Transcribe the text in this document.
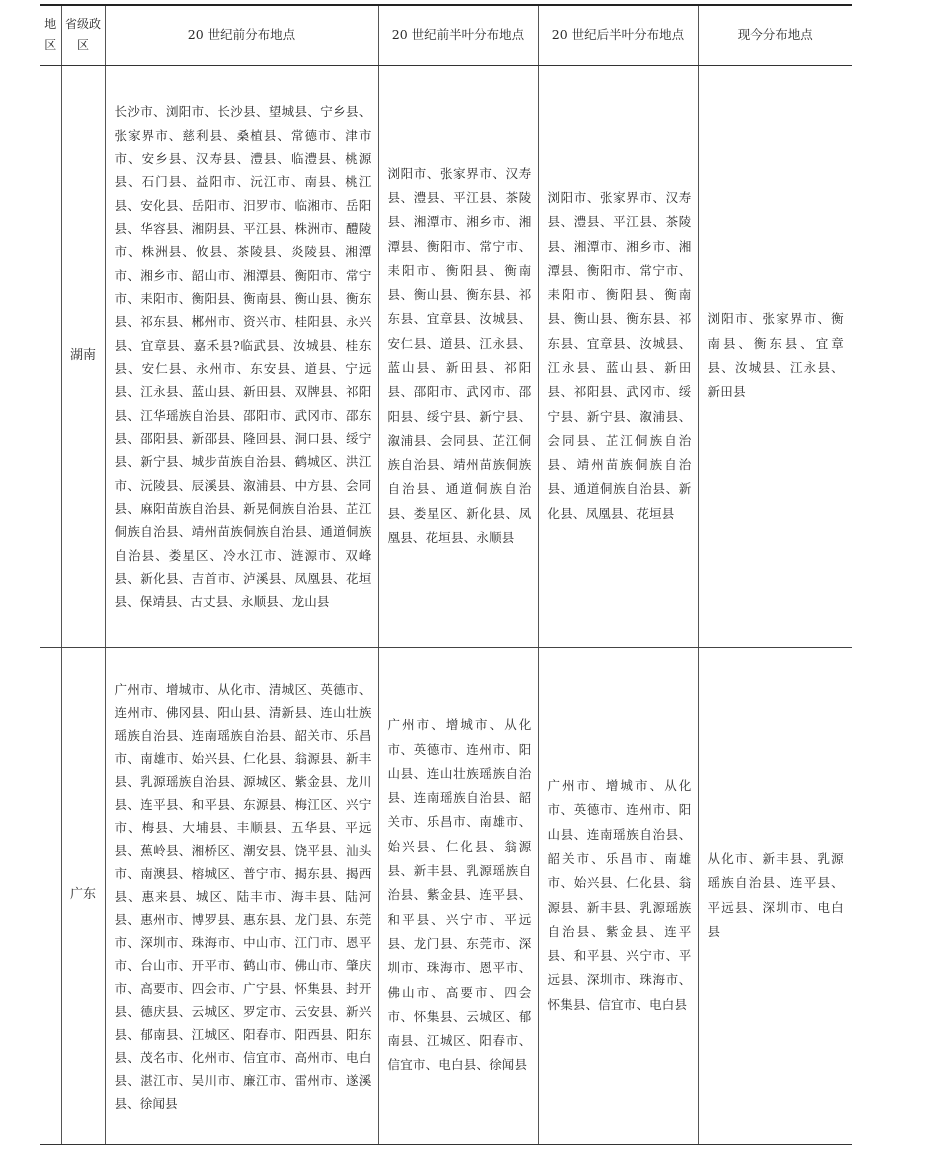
地区	省级政区	20 世纪前分布地点	20 世纪前半叶分布地点	20 世纪后半叶分布地点	现今分布地点
	湖南	长沙市、浏阳市、长沙县、望城县、宁乡县、张家界市、慈利县、桑植县、常德市、津市市、安乡县、汉寿县、澧县、临澧县、桃源县、石门县、益阳市、沅江市、南县、桃江县、安化县、岳阳市、汨罗市、临湘市、岳阳县、华容县、湘阴县、平江县、株洲市、醴陵市、株洲县、攸县、茶陵县、炎陵县、湘潭市、湘乡市、韶山市、湘潭县、衡阳市、常宁市、耒阳市、衡阳县、衡南县、衡山县、衡东县、祁东县、郴州市、资兴市、桂阳县、永兴县、宜章县、嘉禾县?临武县、汝城县、桂东县、安仁县、永州市、东安县、道县、宁远县、江永县、蓝山县、新田县、双牌县、祁阳县、江华瑶族自治县、邵阳市、武冈市、邵东县、邵阳县、新邵县、隆回县、洞口县、绥宁县、新宁县、城步苗族自治县、鹤城区、洪江市、沅陵县、辰溪县、溆浦县、中方县、会同县、麻阳苗族自治县、新晃侗族自治县、芷江侗族自治县、靖州苗族侗族自治县、通道侗族自治县、娄星区、冷水江市、涟源市、双峰县、新化县、吉首市、泸溪县、凤凰县、花垣县、保靖县、古丈县、永顺县、龙山县	浏阳市、张家界市、汉寿县、澧县、平江县、茶陵县、湘潭市、湘乡市、湘潭县、衡阳市、常宁市、耒阳市、衡阳县、衡南县、衡山县、衡东县、祁东县、宜章县、汝城县、安仁县、道县、江永县、蓝山县、新田县、祁阳县、邵阳市、武冈市、邵阳县、绥宁县、新宁县、溆浦县、会同县、芷江侗族自治县、靖州苗族侗族自治县、通道侗族自治县、娄星区、新化县、凤凰县、花垣县、永顺县	浏阳市、张家界市、汉寿县、澧县、平江县、茶陵县、湘潭市、湘乡市、湘潭县、衡阳市、常宁市、耒阳市、衡阳县、衡南县、衡山县、衡东县、祁东县、宜章县、汝城县、江永县、蓝山县、新田县、祁阳县、武冈市、绥宁县、新宁县、溆浦县、会同县、芷江侗族自治县、靖州苗族侗族自治县、通道侗族自治县、新化县、凤凰县、花垣县	浏阳市、张家界市、衡南县、衡东县、宜章县、汝城县、江永县、新田县
	广东	广州市、增城市、从化市、清城区、英德市、连州市、佛冈县、阳山县、清新县、连山壮族瑶族自治县、连南瑶族自治县、韶关市、乐昌市、南雄市、始兴县、仁化县、翁源县、新丰县、乳源瑶族自治县、源城区、紫金县、龙川县、连平县、和平县、东源县、梅江区、兴宁市、梅县、大埔县、丰顺县、五华县、平远县、蕉岭县、湘桥区、潮安县、饶平县、汕头市、南澳县、榕城区、普宁市、揭东县、揭西县、惠来县、城区、陆丰市、海丰县、陆河县、惠州市、博罗县、惠东县、龙门县、东莞市、深圳市、珠海市、中山市、江门市、恩平市、台山市、开平市、鹤山市、佛山市、肇庆市、高要市、四会市、广宁县、怀集县、封开县、德庆县、云城区、罗定市、云安县、新兴县、郁南县、江城区、阳春市、阳西县、阳东县、茂名市、化州市、信宜市、高州市、电白县、湛江市、吴川市、廉江市、雷州市、遂溪县、徐闻县	广州市、增城市、从化市、英德市、连州市、阳山县、连山壮族瑶族自治县、连南瑶族自治县、韶关市、乐昌市、南雄市、始兴县、仁化县、翁源县、新丰县、乳源瑶族自治县、紫金县、连平县、和平县、兴宁市、平远县、龙门县、东莞市、深圳市、珠海市、恩平市、佛山市、高要市、四会市、怀集县、云城区、郁南县、江城区、阳春市、信宜市、电白县、徐闻县	广州市、增城市、从化市、英德市、连州市、阳山县、连南瑶族自治县、韶关市、乐昌市、南雄市、始兴县、仁化县、翁源县、新丰县、乳源瑶族自治县、紫金县、连平县、和平县、兴宁市、平远县、深圳市、珠海市、怀集县、信宜市、电白县	从化市、新丰县、乳源瑶族自治县、连平县、平远县、深圳市、电白县
